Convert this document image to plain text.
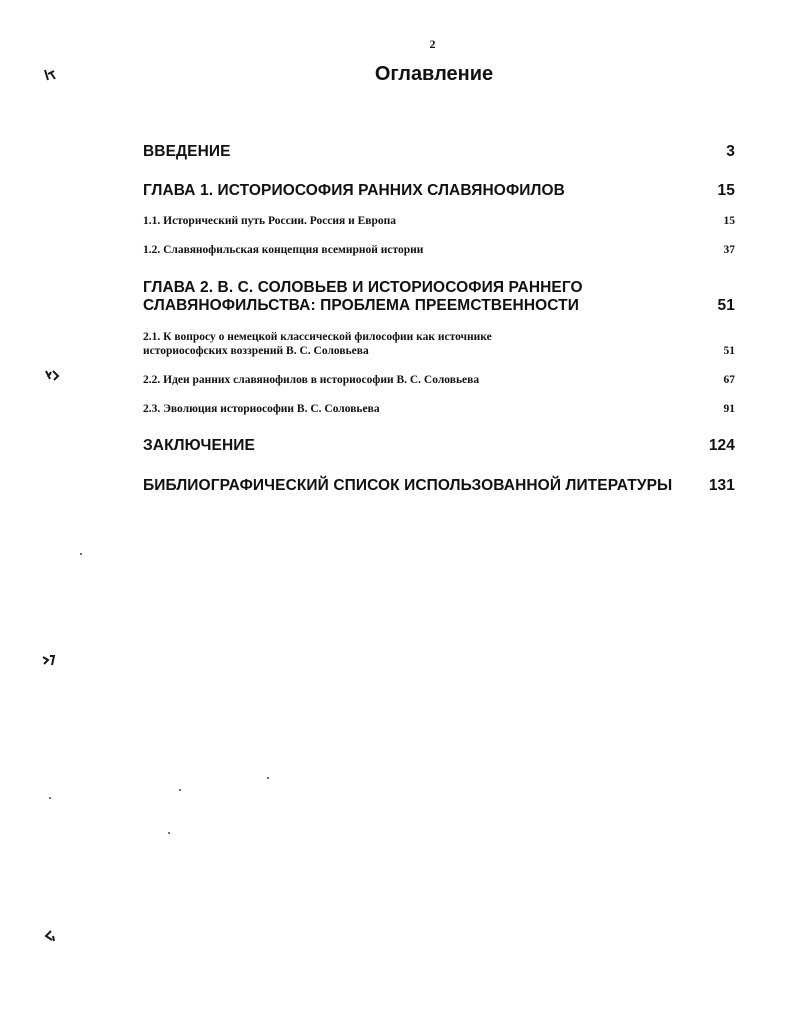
2
Оглавление
ВВЕДЕНИЕ	3
ГЛАВА 1. ИСТОРИОСОФИЯ РАННИХ СЛАВЯНОФИЛОВ	15
1.1. Исторический путь России. Россия и Европа	15
1.2. Славянофильская концепция всемирной истории	37
ГЛАВА 2. В. С. СОЛОВЬЕВ И ИСТОРИОСОФИЯ РАННЕГО
СЛАВЯНОФИЛЬСТВА: ПРОБЛЕМА ПРЕЕМСТВЕННОСТИ	51
2.1. К вопросу о немецкой классической философии как источнике
историософских воззрений В. С. Соловьева	51
2.2. Идеи ранних славянофилов в историософии В. С. Соловьева	67
2.3. Эволюция историософии В. С. Соловьева	91
ЗАКЛЮЧЕНИЕ	124
БИБЛИОГРАФИЧЕСКИЙ СПИСОК ИСПОЛЬЗОВАННОЙ ЛИТЕРАТУРЫ	131
